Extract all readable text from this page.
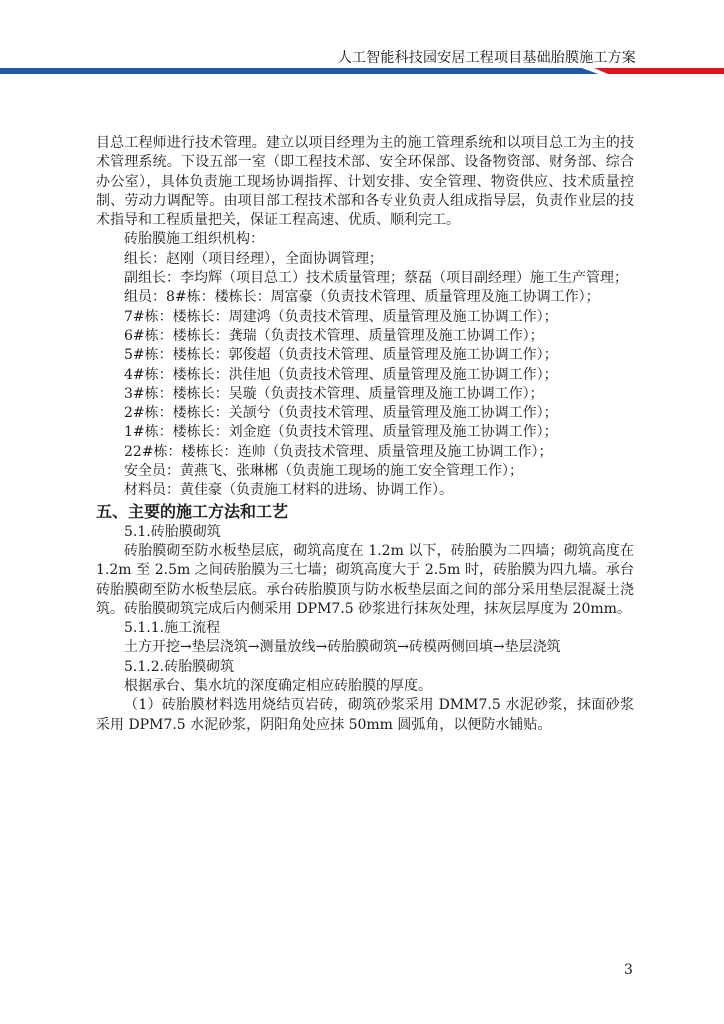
人工智能科技园安居工程项目基础胎膜施工方案

目总工程师进行技术管理。建立以项目经理为主的施工管理系统和以项目总工为主的技术管理系统。下设五部一室（即工程技术部、安全环保部、设备物资部、财务部、综合办公室），具体负责施工现场协调指挥、计划安排、安全管理、物资供应、技术质量控制、劳动力调配等。由项目部工程技术部和各专业负责人组成指导层，负责作业层的技术指导和工程质量把关，保证工程高速、优质、顺利完工。

砖胎膜施工组织机构：

组长：赵刚（项目经理），全面协调管理；

副组长：李均辉（项目总工）技术质量管理；蔡磊（项目副经理）施工生产管理；

组员：8#栋：楼栋长：周富豪（负责技术管理、质量管理及施工协调工作）；

7#栋：楼栋长：周建鸿（负责技术管理、质量管理及施工协调工作）；

6#栋：楼栋长：龚瑞（负责技术管理、质量管理及施工协调工作）；

5#栋：楼栋长：郭俊超（负责技术管理、质量管理及施工协调工作）；

4#栋：楼栋长：洪佳旭（负责技术管理、质量管理及施工协调工作）；

3#栋：楼栋长：吴璇（负责技术管理、质量管理及施工协调工作）；

2#栋：楼栋长：关颉兮（负责技术管理、质量管理及施工协调工作）；

1#栋：楼栋长：刘金庭（负责技术管理、质量管理及施工协调工作）；

22#栋：楼栋长：连帅（负责技术管理、质量管理及施工协调工作）；

安全员：黄燕飞、张琳郴（负责施工现场的施工安全管理工作）；

材料员：黄佳豪（负责施工材料的进场、协调工作）。

五、主要的施工方法和工艺

5.1.砖胎膜砌筑

砖胎膜砌至防水板垫层底，砌筑高度在 1.2m 以下，砖胎膜为二四墙；砌筑高度在 1.2m 至 2.5m 之间砖胎膜为三七墙；砌筑高度大于 2.5m 时，砖胎膜为四九墙。承台砖胎膜砌至防水板垫层底。承台砖胎膜顶与防水板垫层面之间的部分采用垫层混凝土浇筑。砖胎膜砌筑完成后内侧采用 DPM7.5 砂浆进行抹灰处理，抹灰层厚度为 20mm。

5.1.1.施工流程

土方开挖→垫层浇筑→测量放线→砖胎膜砌筑→砖模两侧回填→垫层浇筑

5.1.2.砖胎膜砌筑

根据承台、集水坑的深度确定相应砖胎膜的厚度。

（1）砖胎膜材料选用烧结页岩砖，砌筑砂浆采用 DMM7.5 水泥砂浆，抹面砂浆采用 DPM7.5 水泥砂浆，阴阳角处应抹 50mm 圆弧角，以便防水铺贴。

3
